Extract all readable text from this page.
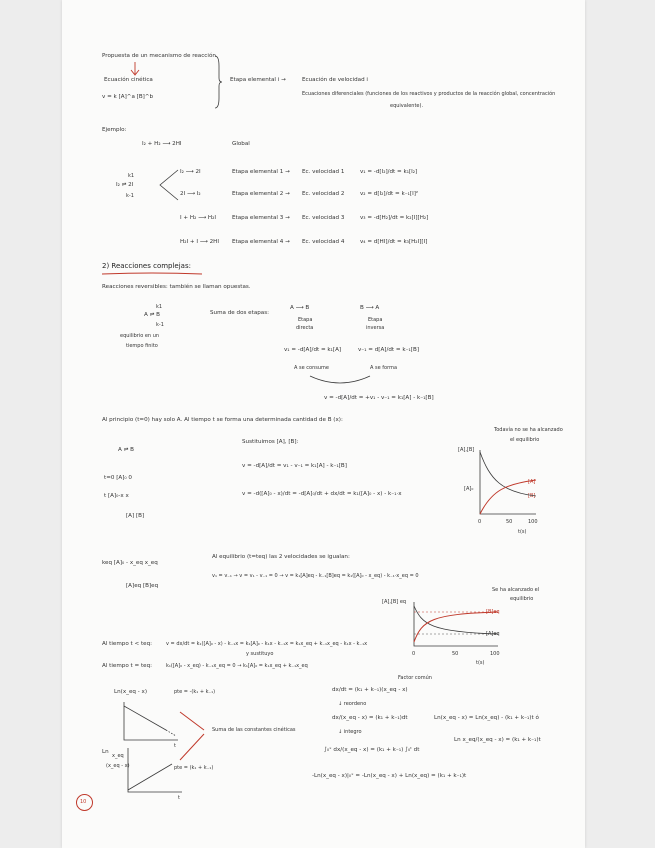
Propuesta de un mecanismo de reacción
Ecuación cinética
v = k [A]^a [B]^b
Etapa elemental i →	Ecuación de velocidad i
Ecuaciones diferenciales (funciones de los reactivos y productos de la reacción global, concentración
equivalente).
Ejemplo:
I₂ + H₂ ⟶ 2HI	Global
I₂ ⇌ 2I
k1
k-1
I₂ ⟶ 2I	Etapa elemental 1 → Ec. velocidad 1	v₁ = -d[I₂]/dt = k₁[I₂]
2I ⟶ I₂	Etapa elemental 2 → Ec. velocidad 2	v₂ = d[I₂]/dt = k₋₁[I]²
I + H₂ ⟶ H₂I	Etapa elemental 3 → Ec. velocidad 3	v₃ = -d[H₂]/dt = k₂[I][H₂]
H₂I + I ⟶ 2HI Etapa elemental 4 → Ec. velocidad 4	v₄ = d[HI]/dt = k₃[H₂I][I]
2) Reacciones complejas:
Reacciones reversibles: también se llaman opuestas.
A ⇌ B
k1
k-1
equilibrio en un
tiempo finito
Suma de dos etapas:
A ⟶ B
Etapa
directa
B ⟶ A
Etapa
inversa
v₁ = -d[A]/dt = k₁[A]
A se consume
v₋₁ = d[A]/dt = k₋₁[B]
A se forma
v = -d[A]/dt = +v₁ - v₋₁ = k₁[A] - k₋₁[B]
Al principio (t=0) hay solo A. Al tiempo t se forma una determinada cantidad de B (x):
A ⇌ B
t=0 [A]₀ 0
t [A]₀-x x
[A] [B]
Sustituimos [A], [B]:
v = -d[A]/dt = v₁ - v₋₁ = k₁[A] - k₋₁[B]
v = -d([A]₀ - x)/dt = -d[A]₀/dt + dx/dt = k₁([A]₀ - x) - k₋₁·x
Todavía no se ha alcanzado
el equilibrio
[A],[B]
[A]₀
[A]
[B]
0	50	100
t(s)
keq [A]₀ - x_eq x_eq
[A]eq [B]eq
Al equilibrio (t=teq) las 2 velocidades se igualan:
v₁ = v₋₁ → v = v₁ - v₋₁ = 0 → v = k₁[A]eq - k₋₁[B]eq = k₁([A]₀ - x_eq) - k₋₁·x_eq = 0
Se ha alcanzado el
equilibrio
[A],[B] eq
[B]eq
[A]eq
0	50	100
t(s)
Al tiempo t < teq:	v = dx/dt = k₁([A]₀ - x) - k₋₁x = k₁[A]₀ - k₁x - k₋₁x = k₁x_eq + k₋₁x_eq - k₁x - k₋₁x
y sustituyo
Al tiempo t = teq:	k₁([A]₀ - x_eq) - k₋₁x_eq = 0 → k₁[A]₀ = k₁x_eq + k₋₁x_eq
Factor común
Ln(x_eq - x)	pte = -(k₁ + k₋₁)
t
Suma de las constantes cinéticas
Ln
x_eq
(x_eq - x)	pte = (k₁ + k₋₁)
t
dx/dt = (k₁ + k₋₁)(x_eq - x)
↓ reordeno
dx/(x_eq - x) = (k₁ + k₋₁)dt
↓ integro
∫₀ˣ dx/(x_eq - x) = (k₁ + k₋₁) ∫₀ᵗ dt
-Ln(x_eq - x)|₀ˣ = -Ln(x_eq - x) + Ln(x_eq) = (k₁ + k₋₁)t
Ln(x_eq - x) = Ln(x_eq) - (k₁ + k₋₁)t ó
Ln x_eq/(x_eq - x) = (k₁ + k₋₁)t
10
